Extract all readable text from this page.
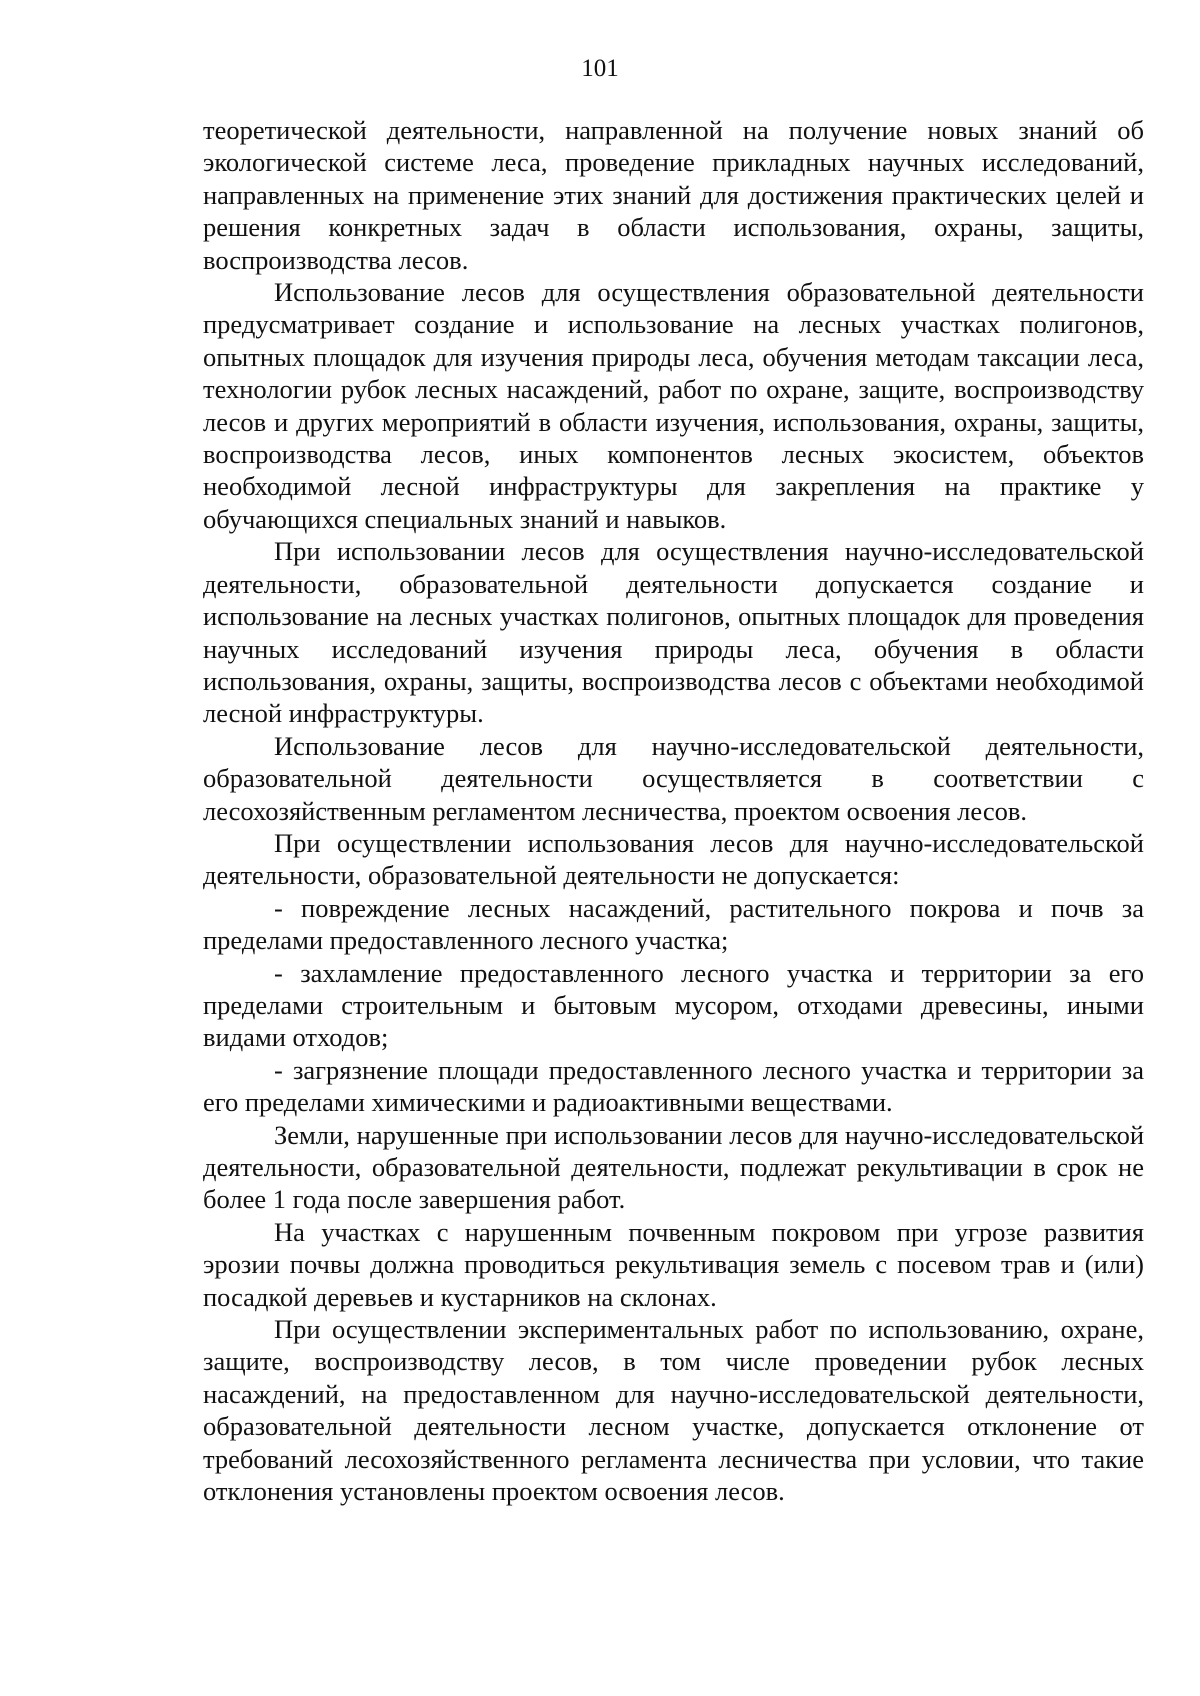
101

теоретической деятельности, направленной на получение новых знаний об экологической системе леса, проведение прикладных научных исследований, направленных на применение этих знаний для достижения практических целей и решения конкретных задач в области использования, охраны, защиты, воспроизводства лесов.

Использование лесов для осуществления образовательной деятельности предусматривает создание и использование на лесных участках полигонов, опытных площадок для изучения природы леса, обучения методам таксации леса, технологии рубок лесных насаждений, работ по охране, защите, воспроизводству лесов и других мероприятий в области изучения, использования, охраны, защиты, воспроизводства лесов, иных компонентов лесных экосистем, объектов необходимой лесной инфраструктуры для закрепления на практике у обучающихся специальных знаний и навыков.

При использовании лесов для осуществления научно-исследовательской деятельности, образовательной деятельности допускается создание и использование на лесных участках полигонов, опытных площадок для проведения научных исследований изучения природы леса, обучения в области использования, охраны, защиты, воспроизводства лесов с объектами необходимой лесной инфраструктуры.

Использование лесов для научно-исследовательской деятельности, образовательной деятельности осуществляется в соответствии с лесохозяйственным регламентом лесничества, проектом освоения лесов.

При осуществлении использования лесов для научно-исследовательской деятельности, образовательной деятельности не допускается:

- повреждение лесных насаждений, растительного покрова и почв за пределами предоставленного лесного участка;

- захламление предоставленного лесного участка и территории за его пределами строительным и бытовым мусором, отходами древесины, иными видами отходов;

- загрязнение площади предоставленного лесного участка и территории за его пределами химическими и радиоактивными веществами.

Земли, нарушенные при использовании лесов для научно-исследовательской деятельности, образовательной деятельности, подлежат рекультивации в срок не более 1 года после завершения работ.

На участках с нарушенным почвенным покровом при угрозе развития эрозии почвы должна проводиться рекультивация земель с посевом трав и (или) посадкой деревьев и кустарников на склонах.

При осуществлении экспериментальных работ по использованию, охране, защите, воспроизводству лесов, в том числе проведении рубок лесных насаждений, на предоставленном для научно-исследовательской деятельности, образовательной деятельности лесном участке, допускается отклонение от требований лесохозяйственного регламента лесничества при условии, что такие отклонения установлены проектом освоения лесов.
